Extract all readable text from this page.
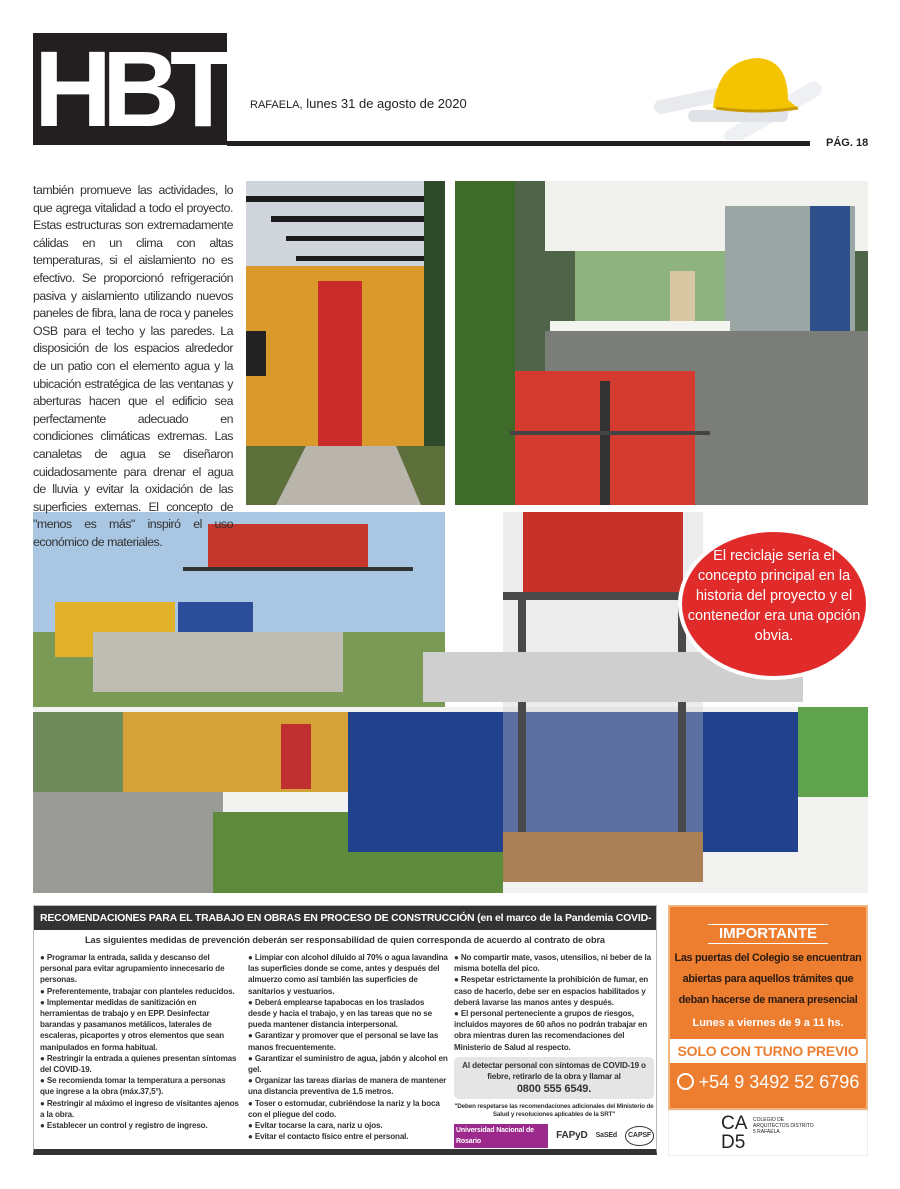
HBT RAFAELA, lunes 31 de agosto de 2020
PÁG. 18

también promueve las actividades, lo que agrega vitalidad a todo el proyecto. Estas estructuras son extremadamente cálidas en un clima con altas temperaturas, si el aislamiento no es efectivo. Se proporcionó refrigeración pasiva y aislamiento utilizando nuevos paneles de fibra, lana de roca y paneles OSB para el techo y las paredes. La disposición de los espacios alrededor de un patio con el elemento agua y la ubicación estratégica de las ventanas y aberturas hacen que el edificio sea perfectamente adecuado en condiciones climáticas extremas. Las canaletas de agua se diseñaron cuidadosamente para drenar el agua de lluvia y evitar la oxidación de las superficies externas. El concepto de "menos es más" inspiró el uso económico de materiales.

El reciclaje sería el concepto principal en la historia del proyecto y el contenedor era una opción obvia.
RECOMENDACIONES PARA EL TRABAJO EN OBRAS EN PROCESO DE CONSTRUCCIÓN (en el marco de la Pandemia COVID-19)	Las siguientes medidas de prevención deberán ser responsabilidad de quien corresponda de acuerdo al contrato de obra

● Programar la entrada, salida y descanso del personal para evitar agrupamiento innecesario de personas.

● Preferentemente, trabajar con planteles reducidos.

● Implementar medidas de sanitización en herramientas de trabajo y en EPP. Desinfectar barandas y pasamanos metálicos, laterales de escaleras, picaportes y otros elementos que sean manipulados en forma habitual.

● Restringir la entrada a quienes presentan síntomas del COVID-19.

● Se recomienda tomar la temperatura a personas que ingrese a la obra (máx.37,5°).

● Restringir al máximo el ingreso de visitantes ajenos a la obra.

● Establecer un control y registro de ingreso.

● Limpiar con alcohol diluido al 70% o agua lavandina las superficies donde se come, antes y después del almuerzo como así también las superficies de sanitarios y vestuarios.

● Deberá emplearse tapabocas en los traslados desde y hacia el trabajo, y en las tareas que no se pueda mantener distancia interpersonal.

● Garantizar y promover que el personal se lave las manos frecuentemente.

● Garantizar el suministro de agua, jabón y alcohol en gel.

● Organizar las tareas diarias de manera de mantener una distancia preventiva de 1.5 metros.

● Toser o estornudar, cubriéndose la nariz y la boca con el pliegue del codo.

● Evitar tocarse la cara, nariz u ojos.

● Evitar el contacto físico entre el personal.

● No compartir mate, vasos, utensilios, ni beber de la misma botella del pico.

● Respetar estrictamente la prohibición de fumar, en caso de hacerlo, debe ser en espacios habilitados y deberá lavarse las manos antes y después.

● El personal perteneciente a grupos de riesgos, incluidos mayores de 60 años no podrán trabajar en obra mientras duren las recomendaciones del Ministerio de Salud al respecto.

Al detectar personal con síntomas de COVID-19 o fiebre, retirarlo de la obra y llamar al
0800 555 6549.
"Deben respetarse las recomendaciones adicionales del Ministerio de Salud y resoluciones aplicables de la SRT"
Universidad Nacional de Rosario
FAPyD SaSEd	CAPSF
IMPORTANTE
Las puertas del Colegio se encuentran abiertas para aquellos trámites que deban hacerse de manera presencial
Lunes a viernes de 9 a 11 hs.
SOLO CON TURNO PREVIO
+54 9 3492 52 6796
CA D5
COLEGIO DE ARQUITECTOS DISTRITO 5 RAFAELA
